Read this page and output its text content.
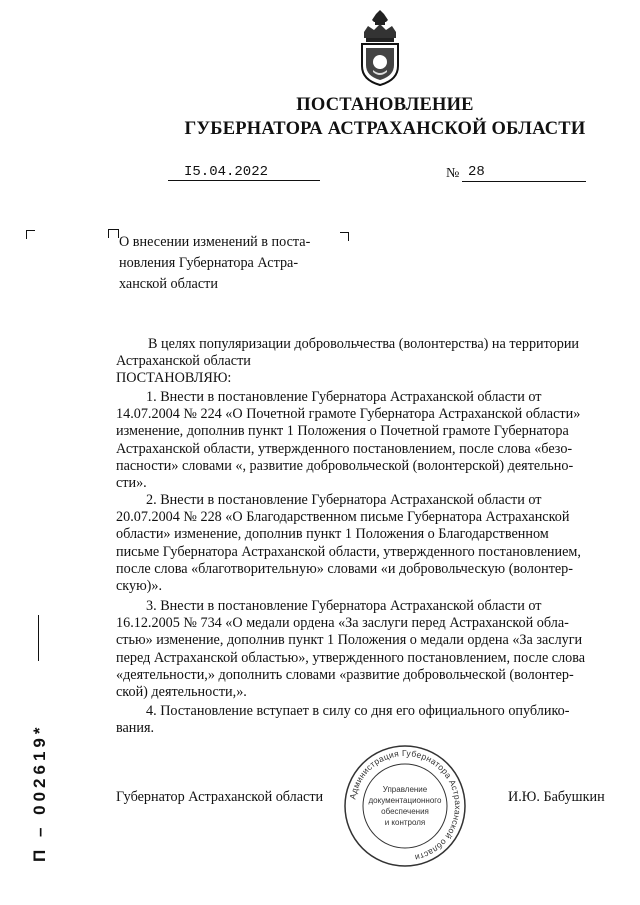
ПОСТАНОВЛЕНИЕ
ГУБЕРНАТОРА АСТРАХАНСКОЙ ОБЛАСТИ
I5.04.2022	№ 28
О внесении изменений в поста-
новления Губернатора Астра-
ханской области
В целях популяризации добровольчества (волонтерства) на территории
Астраханской области
ПОСТАНОВЛЯЮ:
1. Внести в постановление Губернатора Астраханской области от
14.07.2004 № 224 «О Почетной грамоте Губернатора Астраханской области»
изменение, дополнив пункт 1 Положения о Почетной грамоте Губернатора
Астраханской области, утвержденного постановлением, после слова «безо-
пасности» словами «, развитие добровольческой (волонтерской) деятельно-
сти».
2. Внести в постановление Губернатора Астраханской области от
20.07.2004 № 228 «О Благодарственном письме Губернатора Астраханской
области» изменение, дополнив пункт 1 Положения о Благодарственном
письме Губернатора Астраханской области, утвержденного постановлением,
после слова «благотворительную» словами «и добровольческую (волонтер-
скую)».
3. Внести в постановление Губернатора Астраханской области от
16.12.2005 № 734 «О медали ордена «За заслуги перед Астраханской обла-
стью» изменение, дополнив пункт 1 Положения о медали ордена «За заслуги
перед Астраханской областью», утвержденного постановлением, после слова
«деятельности,» дополнить словами «развитие добровольческой (волонтер-
ской) деятельности,».
4. Постановление вступает в силу со дня его официального опублико-
вания.
Губернатор Астраханской области	И.Ю. Бабушкин
Администрация Губернатора Астраханской области
Управление
документационного
обеспечения
и контроля
П – 002619*
